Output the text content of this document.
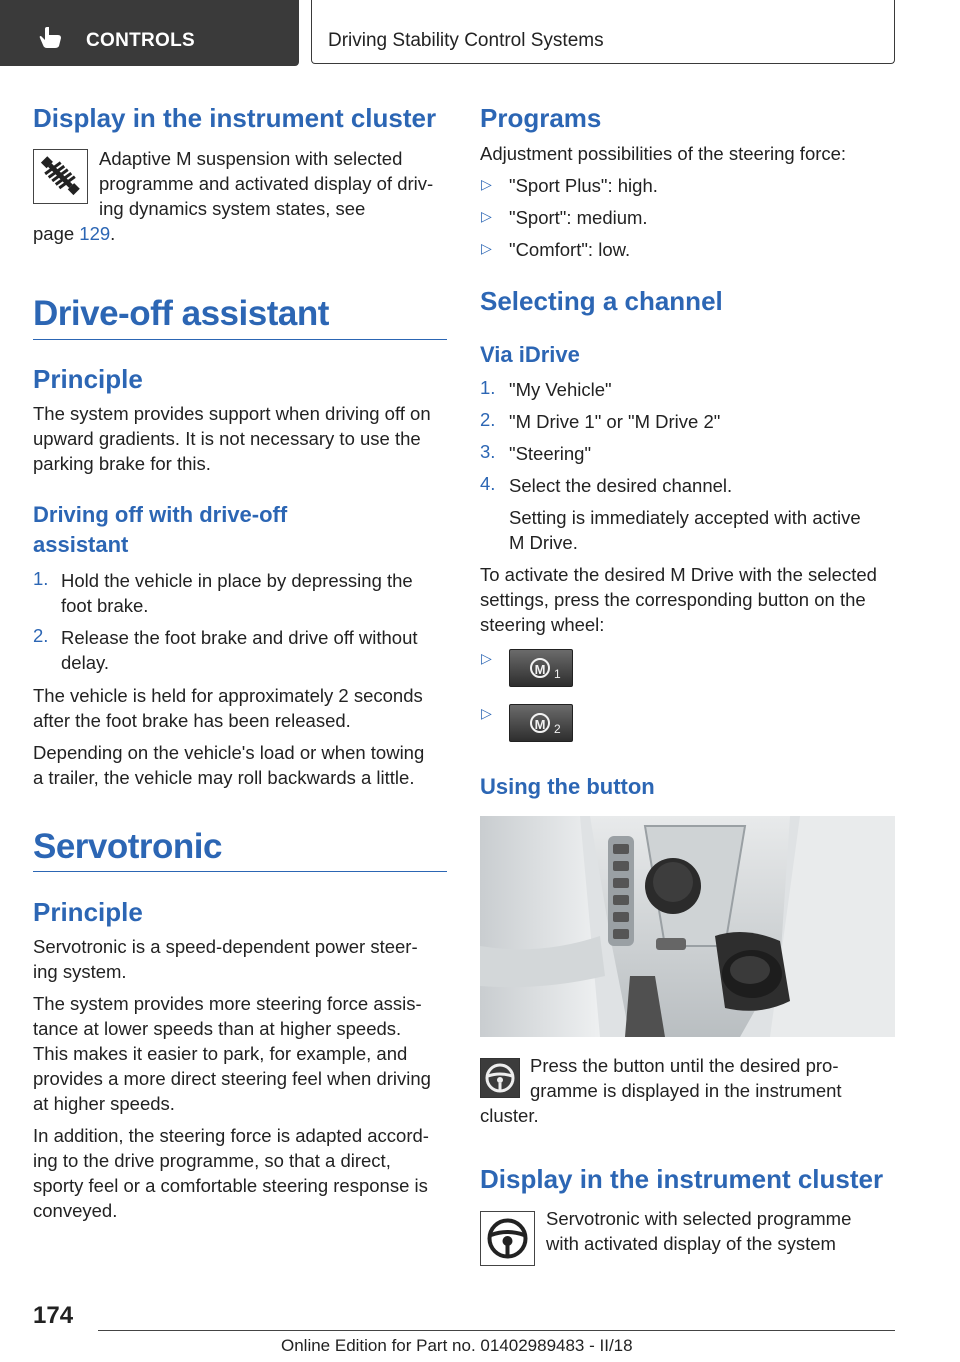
CONTROLS	Driving Stability Control Systems
Display in the instrument cluster

Adaptive M suspension with selected

programme and activated display of driv-

ing dynamics system states, see

page 129.

Drive-off assistant
Principle

The system provides support when driving off on

upward gradients. It is not necessary to use the

parking brake for this.

Driving off with drive-off
assistant
1. Hold the vehicle in place by depressing the

foot brake.

2. Release the foot brake and drive off without

delay.

The vehicle is held for approximately 2 seconds

after the foot brake has been released.

Depending on the vehicle's load or when towing

a trailer, the vehicle may roll backwards a little.

Servotronic
Principle

Servotronic is a speed-dependent power steer-

ing system.

The system provides more steering force assis-

tance at lower speeds than at higher speeds.

This makes it easier to park, for example, and

provides a more direct steering feel when driving

at higher speeds.

In addition, the steering force is adapted accord-

ing to the drive programme, so that a direct,

sporty feel or a comfortable steering response is

conveyed.

Programs

Adjustment possibilities of the steering force:

▷ "Sport Plus": high.

▷ "Sport": medium.

▷ "Comfort": low.

Selecting a channel
Via iDrive
1. "My Vehicle"

2. "M Drive 1" or "M Drive 2"

3. "Steering"

4. Select the desired channel.

Setting is immediately accepted with active

M Drive.

To activate the desired M Drive with the selected

settings, press the corresponding button on the

steering wheel:

▷
M 1
▷
M 2
Using the button

Press the button until the desired pro-

gramme is displayed in the instrument

cluster.

Display in the instrument cluster

Servotronic with selected programme

with activated display of the system

174
Online Edition for Part no. 01402989483 - II/18
